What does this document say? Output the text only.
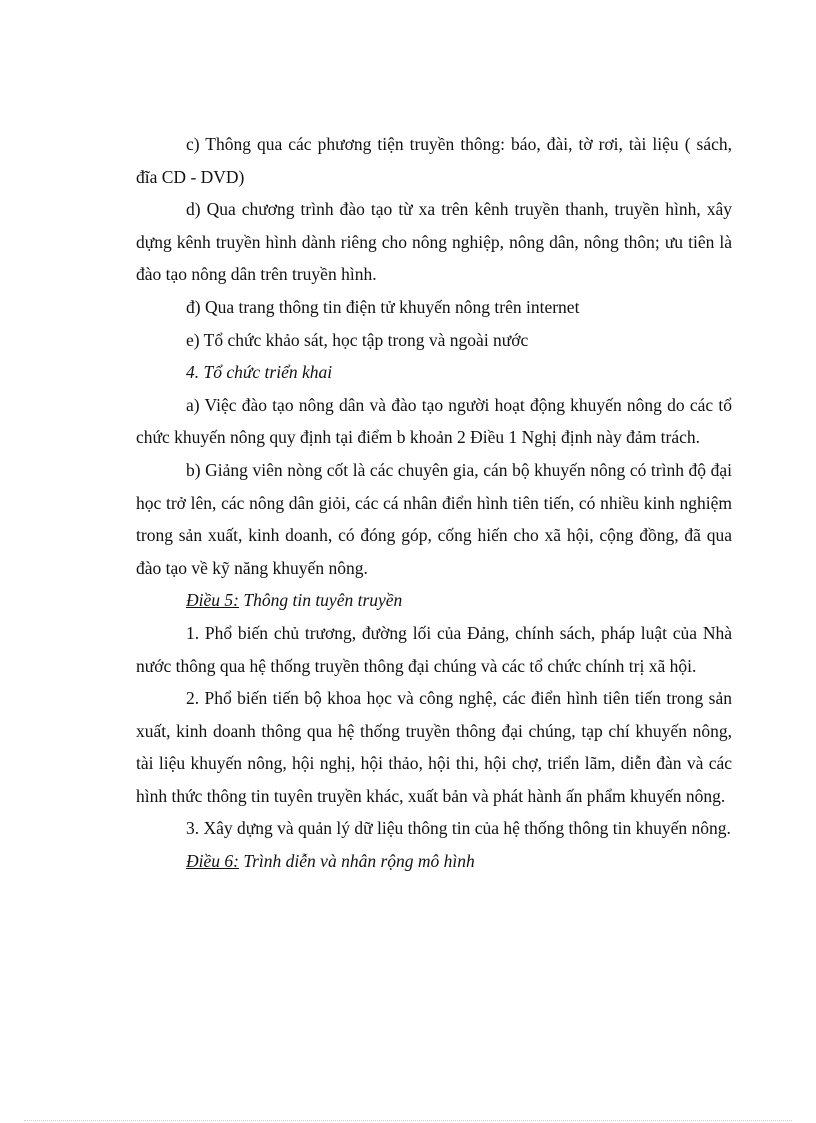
c) Thông qua các phương tiện truyền thông: báo, đài, tờ rơi, tài liệu ( sách, đĩa CD - DVD)

d) Qua chương trình đào tạo từ xa trên kênh truyền thanh, truyền hình, xây dựng kênh truyền hình dành riêng cho nông nghiệp, nông dân, nông thôn; ưu tiên là đào tạo nông dân trên truyền hình.

đ) Qua trang thông tin điện tử khuyến nông trên internet

e) Tổ chức khảo sát, học tập trong và ngoài nước

4. Tổ chức triển khai

a) Việc đào tạo nông dân và đào tạo người hoạt động khuyến nông do các tổ chức khuyến nông quy định tại điểm b khoản 2 Điều 1 Nghị định này đảm trách.

b) Giảng viên nòng cốt là các chuyên gia, cán bộ khuyến nông có trình độ đại học trở lên, các nông dân giỏi, các cá nhân điển hình tiên tiến, có nhiều kinh nghiệm trong sản xuất, kinh doanh, có đóng góp, cống hiến cho xã hội, cộng đồng, đã qua đào tạo về kỹ năng khuyến nông.

Điều 5: Thông tin tuyên truyền

1. Phổ biến chủ trương, đường lối của Đảng, chính sách, pháp luật của Nhà nước thông qua hệ thống truyền thông đại chúng và các tổ chức chính trị xã hội.

2. Phổ biến tiến bộ khoa học và công nghệ, các điển hình tiên tiến trong sản xuất, kinh doanh thông qua hệ thống truyền thông đại chúng, tạp chí khuyến nông, tài liệu khuyến nông, hội nghị, hội thảo, hội thi, hội chợ, triển lãm, diễn đàn và các hình thức thông tin tuyên truyền khác, xuất bản và phát hành ấn phẩm khuyến nông.

3. Xây dựng và quản lý dữ liệu thông tin của hệ thống thông tin khuyến nông.

Điều 6: Trình diễn và nhân rộng mô hình
